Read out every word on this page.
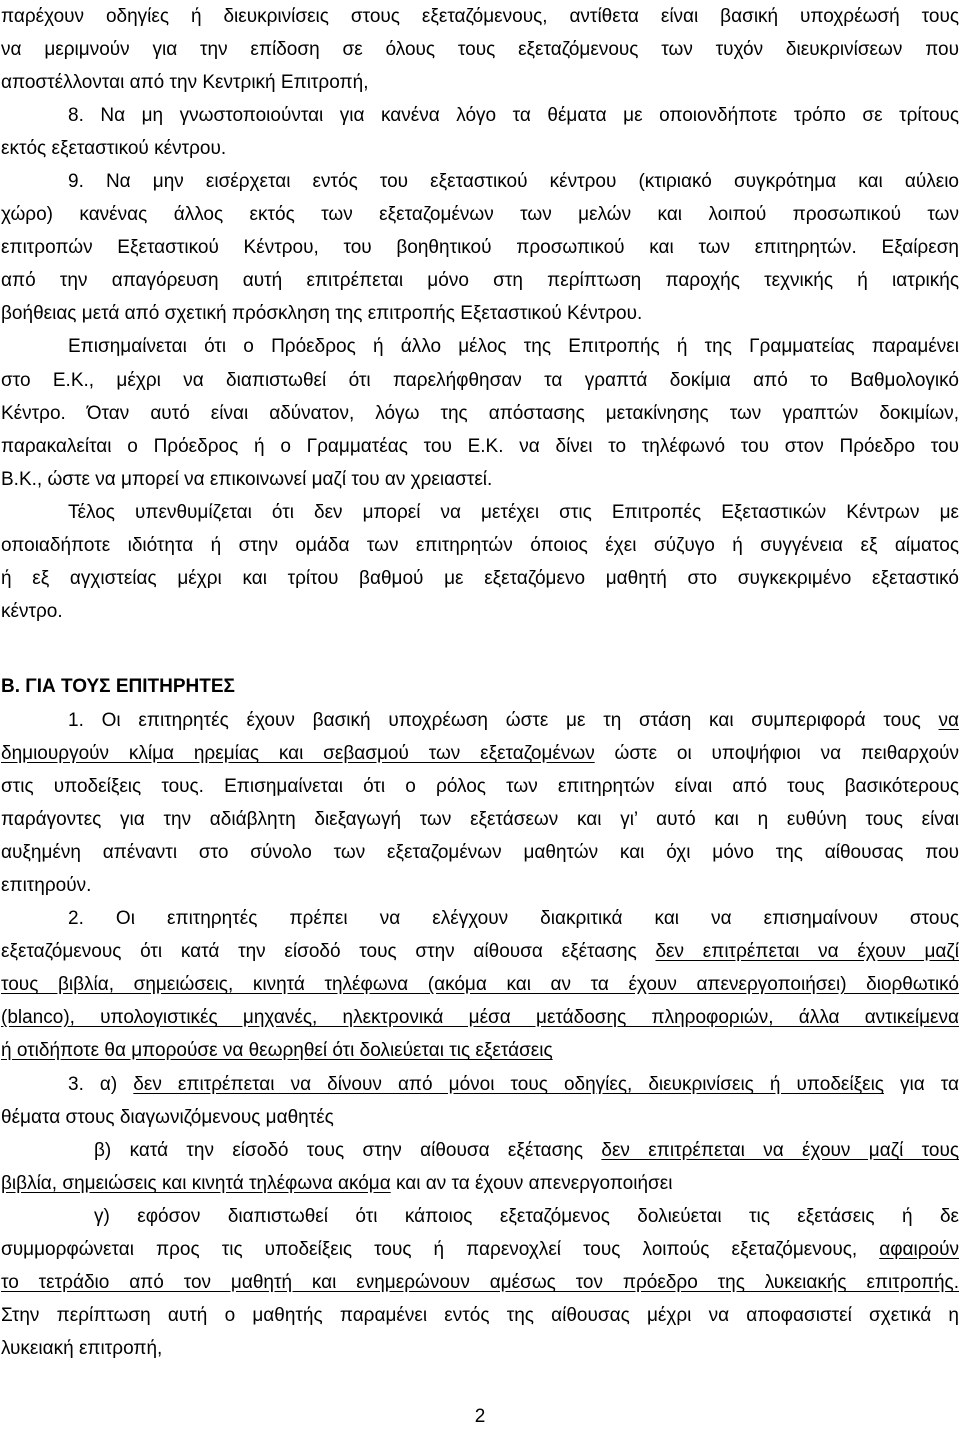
παρέχουν οδηγίες ή διευκρινίσεις στους εξεταζόμενους, αντίθετα είναι βασική υποχρέωσή τους
να μεριμνούν για την επίδοση σε όλους τους εξεταζόμενους των τυχόν διευκρινίσεων που
αποστέλλονται από την Κεντρική Επιτροπή,
8. Να μη γνωστοποιούνται για κανένα λόγο τα θέματα με οποιονδήποτε τρόπο σε τρίτους
εκτός εξεταστικού κέντρου.
9. Να μην εισέρχεται εντός του εξεταστικού κέντρου (κτιριακό συγκρότημα και αύλειο
χώρο) κανένας άλλος εκτός των εξεταζομένων των μελών και λοιπού προσωπικού των
επιτροπών Εξεταστικού Κέντρου, του βοηθητικού προσωπικού και των επιτηρητών. Εξαίρεση
από την απαγόρευση αυτή επιτρέπεται μόνο στη περίπτωση παροχής τεχνικής ή ιατρικής
βοήθειας μετά από σχετική πρόσκληση της επιτροπής Εξεταστικού Κέντρου.
Επισημαίνεται ότι ο Πρόεδρος ή άλλο μέλος της Επιτροπής ή της Γραμματείας παραμένει
στο Ε.Κ., μέχρι να διαπιστωθεί ότι παρελήφθησαν τα γραπτά δοκίμια από το Βαθμολογικό
Κέντρο. Όταν αυτό είναι αδύνατον, λόγω της απόστασης μετακίνησης των γραπτών δοκιμίων,
παρακαλείται ο Πρόεδρος ή ο Γραμματέας του Ε.Κ. να δίνει το τηλέφωνό του στον Πρόεδρο του
Β.Κ., ώστε να μπορεί να επικοινωνεί μαζί του αν χρειαστεί.
Τέλος υπενθυμίζεται ότι δεν μπορεί να μετέχει στις Επιτροπές Εξεταστικών Κέντρων με
οποιαδήποτε ιδιότητα ή στην ομάδα των επιτηρητών όποιος έχει σύζυγο ή συγγένεια εξ αίματος
ή εξ αγχιστείας μέχρι και τρίτου βαθμού με εξεταζόμενο μαθητή στο συγκεκριμένο εξεταστικό
κέντρο.
Β. ΓΙΑ ΤΟΥΣ ΕΠΙΤΗΡΗΤΕΣ
1. Οι επιτηρητές έχουν βασική υποχρέωση ώστε με τη στάση και συμπεριφορά τους να
δημιουργούν κλίμα ηρεμίας και σεβασμού των εξεταζομένων ώστε οι υποψήφιοι να πειθαρχούν
στις υποδείξεις τους. Επισημαίνεται ότι ο ρόλος των επιτηρητών είναι από τους βασικότερους
παράγοντες για την αδιάβλητη διεξαγωγή των εξετάσεων και γι’ αυτό και η ευθύνη τους είναι
αυξημένη απέναντι στο σύνολο των εξεταζομένων μαθητών και όχι μόνο της αίθουσας που
επιτηρούν.
2. Οι επιτηρητές πρέπει να ελέγχουν διακριτικά και να επισημαίνουν στους
εξεταζόμενους ότι κατά την είσοδό τους στην αίθουσα εξέτασης δεν επιτρέπεται να έχουν μαζί
τους βιβλία, σημειώσεις, κινητά τηλέφωνα (ακόμα και αν τα έχουν απενεργοποιήσει) διορθωτικό
(blanco), υπολογιστικές μηχανές, ηλεκτρονικά μέσα μετάδοσης πληροφοριών, άλλα αντικείμενα
ή οτιδήποτε θα μπορούσε να θεωρηθεί ότι δολιεύεται τις εξετάσεις
3. α) δεν επιτρέπεται να δίνουν από μόνοι τους οδηγίες, διευκρινίσεις ή υποδείξεις για τα
θέματα στους διαγωνιζόμενους μαθητές
β) κατά την είσοδό τους στην αίθουσα εξέτασης δεν επιτρέπεται να έχουν μαζί τους
βιβλία, σημειώσεις και κινητά τηλέφωνα ακόμα και αν τα έχουν απενεργοποιήσει
γ) εφόσον διαπιστωθεί ότι κάποιος εξεταζόμενος δολιεύεται τις εξετάσεις ή δε
συμμορφώνεται προς τις υποδείξεις τους ή παρενοχλεί τους λοιπούς εξεταζόμενους, αφαιρούν
το τετράδιο από τον μαθητή και ενημερώνουν αμέσως τον πρόεδρο της λυκειακής επιτροπής.
Στην περίπτωση αυτή ο μαθητής παραμένει εντός της αίθουσας μέχρι να αποφασιστεί σχετικά η
λυκειακή επιτροπή,
2
